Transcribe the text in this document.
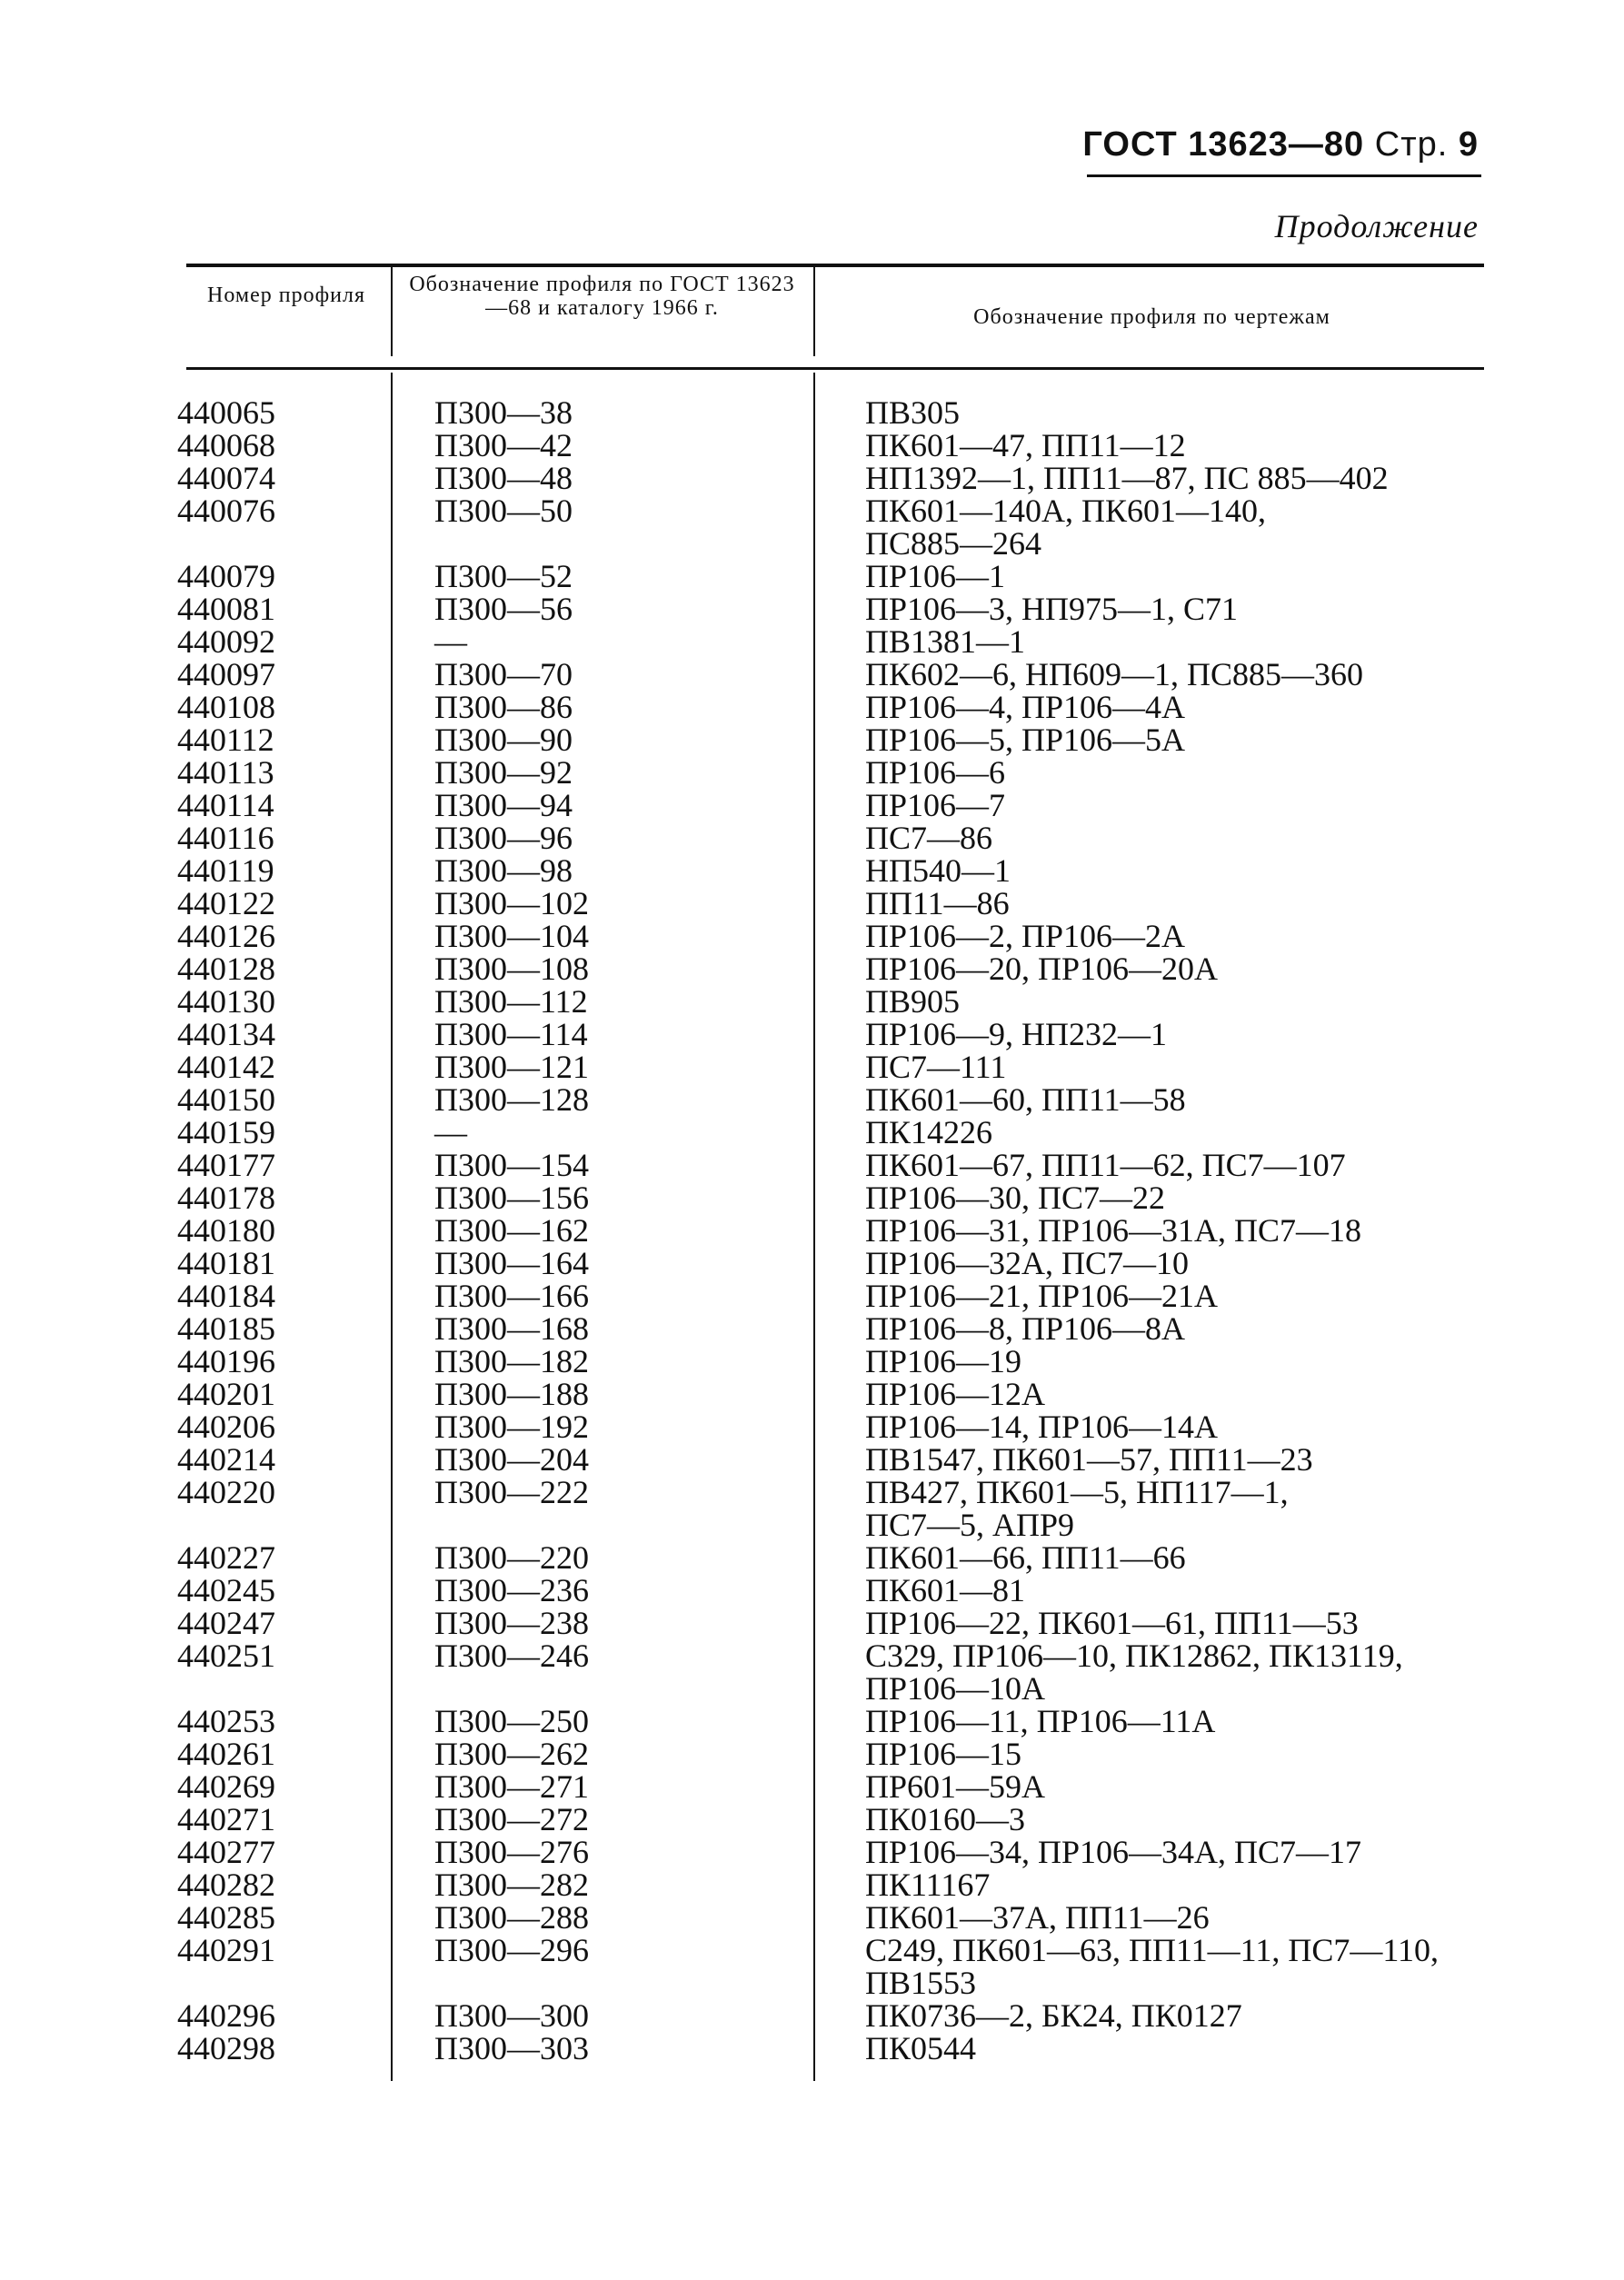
ГОСТ 13623—80 Стр. 9
Продолжение
Номер профиля	Обозначение профиля по ГОСТ 13623—68 и каталогу 1966 г.	Обозначение профиля по чертежам
440065	П300—38	ПВ305
440068	П300—42	ПК601—47, ПП11—12
440074	П300—48	НП1392—1, ПП11—87, ПС 885—402
440076	П300—50	ПК601—140А, ПК601—140,
ПС885—264
440079	П300—52	ПР106—1
440081	П300—56	ПР106—3, НП975—1, С71
440092	—	ПВ1381—1
440097	П300—70	ПК602—6, НП609—1, ПС885—360
440108	П300—86	ПР106—4, ПР106—4А
440112	П300—90	ПР106—5, ПР106—5А
440113	П300—92	ПР106—6
440114	П300—94	ПР106—7
440116	П300—96	ПС7—86
440119	П300—98	НП540—1
440122	П300—102	ПП11—86
440126	П300—104	ПР106—2, ПР106—2А
440128	П300—108	ПР106—20, ПР106—20А
440130	П300—112	ПВ905
440134	П300—114	ПР106—9, НП232—1
440142	П300—121	ПС7—111
440150	П300—128	ПК601—60, ПП11—58
440159	—	ПК14226
440177	П300—154	ПК601—67, ПП11—62, ПС7—107
440178	П300—156	ПР106—30, ПС7—22
440180	П300—162	ПР106—31, ПР106—31А, ПС7—18
440181	П300—164	ПР106—32А, ПС7—10
440184	П300—166	ПР106—21, ПР106—21А
440185	П300—168	ПР106—8, ПР106—8А
440196	П300—182	ПР106—19
440201	П300—188	ПР106—12А
440206	П300—192	ПР106—14, ПР106—14А
440214	П300—204	ПВ1547, ПК601—57, ПП11—23
440220	П300—222	ПВ427, ПК601—5, НП117—1,
ПС7—5, АПР9
440227	П300—220	ПК601—66, ПП11—66
440245	П300—236	ПК601—81
440247	П300—238	ПР106—22, ПК601—61, ПП11—53
440251	П300—246	С329, ПР106—10, ПК12862, ПК13119,
ПР106—10А
440253	П300—250	ПР106—11, ПР106—11А
440261	П300—262	ПР106—15
440269	П300—271	ПР601—59А
440271	П300—272	ПК0160—3
440277	П300—276	ПР106—34, ПР106—34А, ПС7—17
440282	П300—282	ПК11167
440285	П300—288	ПК601—37А, ПП11—26
440291	П300—296	С249, ПК601—63, ПП11—11, ПС7—110,
ПВ1553
440296	П300—300	ПК0736—2, БК24, ПК0127
440298	П300—303	ПК0544
